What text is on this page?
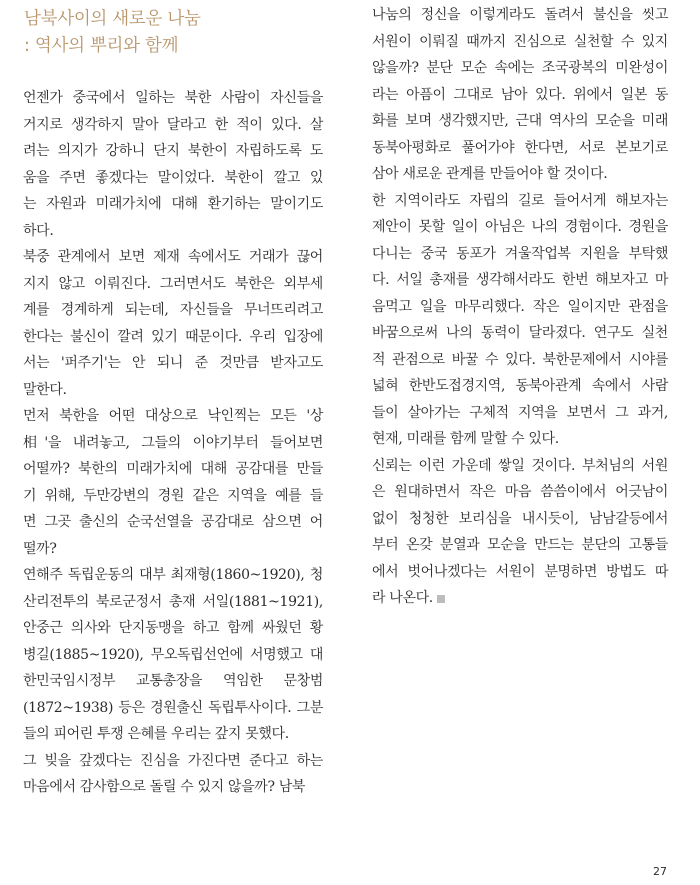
남북사이의 새로운 나눔
: 역사의 뿌리와 함께
언젠가 중국에서 일하는 북한 사람이 자신들을
거지로 생각하지 말아 달라고 한 적이 있다. 살
려는 의지가 강하니 단지 북한이 자립하도록 도
움을 주면 좋겠다는 말이었다. 북한이 깔고 있
는 자원과 미래가치에 대해 환기하는 말이기도
하다.
북중 관계에서 보면 제재 속에서도 거래가 끊어
지지 않고 이뤄진다. 그러면서도 북한은 외부세
계를 경계하게 되는데, 자신들을 무너뜨리려고
한다는 불신이 깔려 있기 때문이다. 우리 입장에
서는 '퍼주기'는 안 되니 준 것만큼 받자고도
말한다.
먼저 북한을 어떤 대상으로 낙인찍는 모든 '상
相'을 내려놓고, 그들의 이야기부터 들어보면
어떨까? 북한의 미래가치에 대해 공감대를 만들
기 위해, 두만강변의 경원 같은 지역을 예를 들
면 그곳 출신의 순국선열을 공감대로 삼으면 어
떨까?
연해주 독립운동의 대부 최재형(1860~1920), 청
산리전투의 북로군정서 총재 서일(1881~1921),
안중근 의사와 단지동맹을 하고 함께 싸웠던 황
병길(1885~1920), 무오독립선언에 서명했고 대
한민국임시정부 교통총장을 역임한 문창범
(1872~1938) 등은 경원출신 독립투사이다. 그분
들의 피어린 투쟁 은혜를 우리는 갚지 못했다.
그 빚을 갚겠다는 진심을 가진다면 준다고 하는
마음에서 감사함으로 돌릴 수 있지 않을까? 남북
나눔의 정신을 이렇게라도 돌려서 불신을 씻고
서원이 이뤄질 때까지 진심으로 실천할 수 있지
않을까? 분단 모순 속에는 조국광복의 미완성이
라는 아픔이 그대로 남아 있다. 위에서 일본 동
화를 보며 생각했지만, 근대 역사의 모순을 미래
동북아평화로 풀어가야 한다면, 서로 본보기로
삼아 새로운 관계를 만들어야 할 것이다.
한 지역이라도 자립의 길로 들어서게 해보자는
제안이 못할 일이 아님은 나의 경험이다. 경원을
다니는 중국 동포가 겨울작업복 지원을 부탁했
다. 서일 총재를 생각해서라도 한번 해보자고 마
음먹고 일을 마무리했다. 작은 일이지만 관점을
바꿈으로써 나의 동력이 달라졌다. 연구도 실천
적 관점으로 바꿀 수 있다. 북한문제에서 시야를
넓혀 한반도접경지역, 동북아관계 속에서 사람
들이 살아가는 구체적 지역을 보면서 그 과거,
현재, 미래를 함께 말할 수 있다.
신뢰는 이런 가운데 쌓일 것이다. 부처님의 서원
은 원대하면서 작은 마음 씀씀이에서 어긋남이
없이 청청한 보리심을 내시듯이, 남남갈등에서
부터 온갖 분열과 모순을 만드는 분단의 고통들
에서 벗어나겠다는 서원이 분명하면 방법도 따
라 나온다.
27
